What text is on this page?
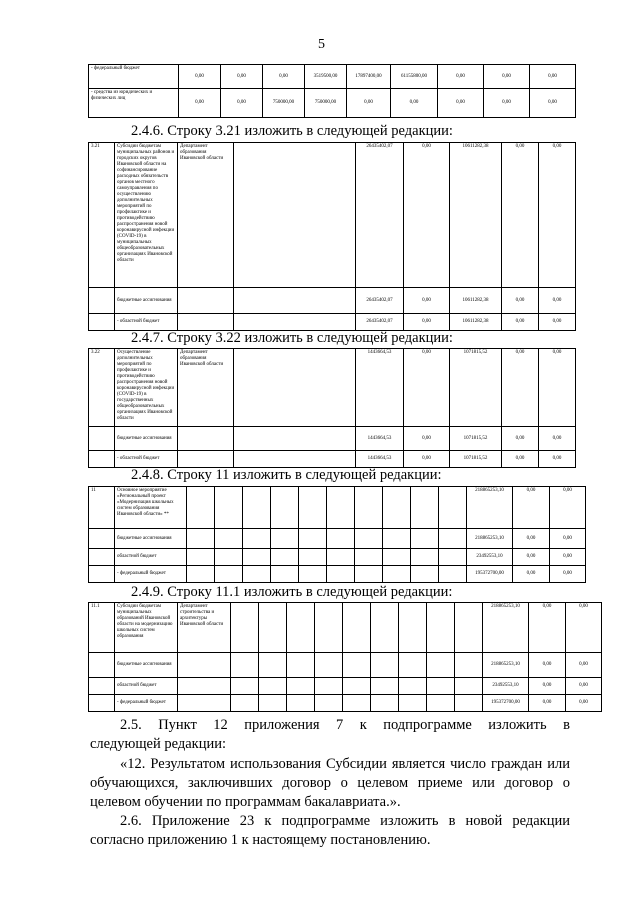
5
- федеральный бюджет	0,00	0,00	0,00	3519500,00	17897400,00	61155800,00	0,00	0,00	0,00
- средства из юридических и физических лиц	0,00	0,00	750000,00	750000,00	0,00	0,00	0,00	0,00	0,00
2.4.6. Строку 3.21 изложить в следующей редакции:
3.21	Субсидии бюджетам муниципальных районов и городских округов Ивановской области на софинансирование расходных обязательств органов местного самоуправления по осуществлению дополнительных мероприятий по профилактике и противодействию распространения новой коронавирусной инфекции (COVID-19) в муниципальных общеобразовательных организациях Ивановской области	Департамент образования Ивановской области		26435402,07	0,00	10611282,38	0,00	0,00
	бюджетные ассигнования			26435402,07	0,00	10611282,38	0,00	0,00
	- областной бюджет			26435402,07	0,00	10611282,38	0,00	0,00
2.4.7. Строку 3.22 изложить в следующей редакции:
3.22	Осуществление дополнительных мероприятий по профилактике и противодействию распространения новой коронавирусной инфекции (COVID-19) в государственных общеобразовательных организациях Ивановской области	Департамент образования Ивановской области		1443664,53	0,00	1071815,52	0,00	0,00
	бюджетные ассигнования			1443664,53	0,00	1071815,52	0,00	0,00
	- областной бюджет			1443664,53	0,00	1071815,52	0,00	0,00
2.4.8. Строку 11 изложить в следующей редакции:
11	Основное мероприятие «Региональный проект «Модернизация школьных систем образования Ивановской области» **											218865253,10	0,00	0,00
	бюджетные ассигнования											218865253,10	0,00	0,00
	областной бюджет											23492553,10	0,00	0,00
	- федеральный бюджет											195372700,00	0,00	0,00
2.4.9. Строку 11.1 изложить в следующей редакции:
11.1	Субсидии бюджетам муниципальных образований Ивановской области на модернизацию школьных систем образования	Департамент строительства и архитектуры Ивановской области										218865253,10	0,00	0,00
	бюджетные ассигнования											218865253,10	0,00	0,00
	областной бюджет											23492553,10	0,00	0,00
	- федеральный бюджет											195372700,00	0,00	0,00
2.5. Пункт 12 приложения 7 к подпрограмме изложить в
следующей редакции:
«12. Результатом использования Субсидии является число граждан или обучающихся, заключивших договор о целевом приеме или договор о целевом обучении по программам бакалавриата.».
2.6. Приложение 23 к подпрограмме изложить в новой редакции согласно приложению 1 к настоящему постановлению.
